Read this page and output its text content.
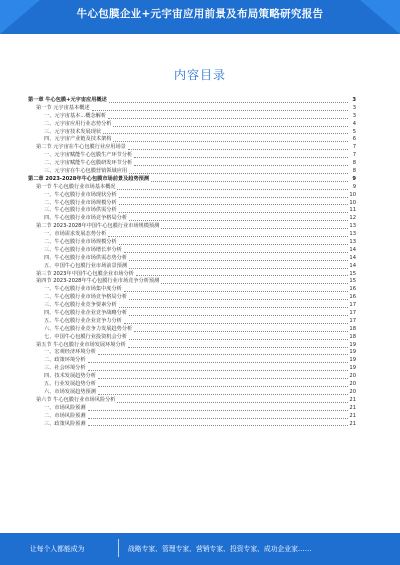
牛心包膜企业+元宇宙应用前景及布局策略研究报告
内容目录
第一章 牛心包膜+元宇宙应用概述	3
第一节 元宇宙基本概述	3
一、元宇宙基本...概念解析	3
二、元宇宙应用行业态势分析	4
三、元宇宙技术发展现状	5
四、元宇宙产业链及技术架构	6
第二节 元宇宙在牛心包膜行业应用场景	7
一、元宇宙赋能牛心包膜生产环节分析	7
二、元宇宙赋能牛心包膜研发环节分析	8
三、元宇宙在牛心包膜营销领域应用	8
第二章 2023-2028年牛心包膜市场前景及趋势预测	9
第一节 牛心包膜行业市场基本概况	9
一、牛心包膜行业市场现状分析	10
二、牛心包膜行业市场规模分析	10
三、牛心包膜行业市场供需分析	11
四、牛心包膜行业市场竞争格局分析	12
第二节 2023-2028年中国牛心包膜行业市场规模预测	13
一、市场需求发展态势分析	13
二、牛心包膜行业市场规模分析	13
三、牛心包膜行业市场增长率分析	14
四、牛心包膜行业市场供需态势分析	14
五、中国牛心包膜行业市场前景预测	14
第三节 2023年中国牛心包膜企业市场分析	15
第四节 2023-2028年牛心包膜行业市场竞争分析预测	15
一、牛心包膜行业市场集中度分析	16
二、牛心包膜行业市场竞争格局分析	16
三、牛心包膜行业竞争要素分析	17
四、牛心包膜行业企业竞争战略分析	17
五、牛心包膜行业企业竞争力分析	17
六、牛心包膜行业竞争力发展趋势分析	18
七、中国牛心包膜行业投资机会分析	18
第五节 牛心包膜行业市场发展环境分析	19
一、宏观经济环境分析	19
二、政策环境分析	19
三、社会环境分析	19
四、技术发展趋势分析	20
五、行业发展趋势分析	20
六、市场发展趋势预测	20
第六节 牛心包膜行业市场风险分析	21
一、市场风险预测	21
二、市场风险预测	21
三、政策风险预测	21
让每个人都能成为	战略专家、管理专家、营销专家、投资专家、成功企业家……
